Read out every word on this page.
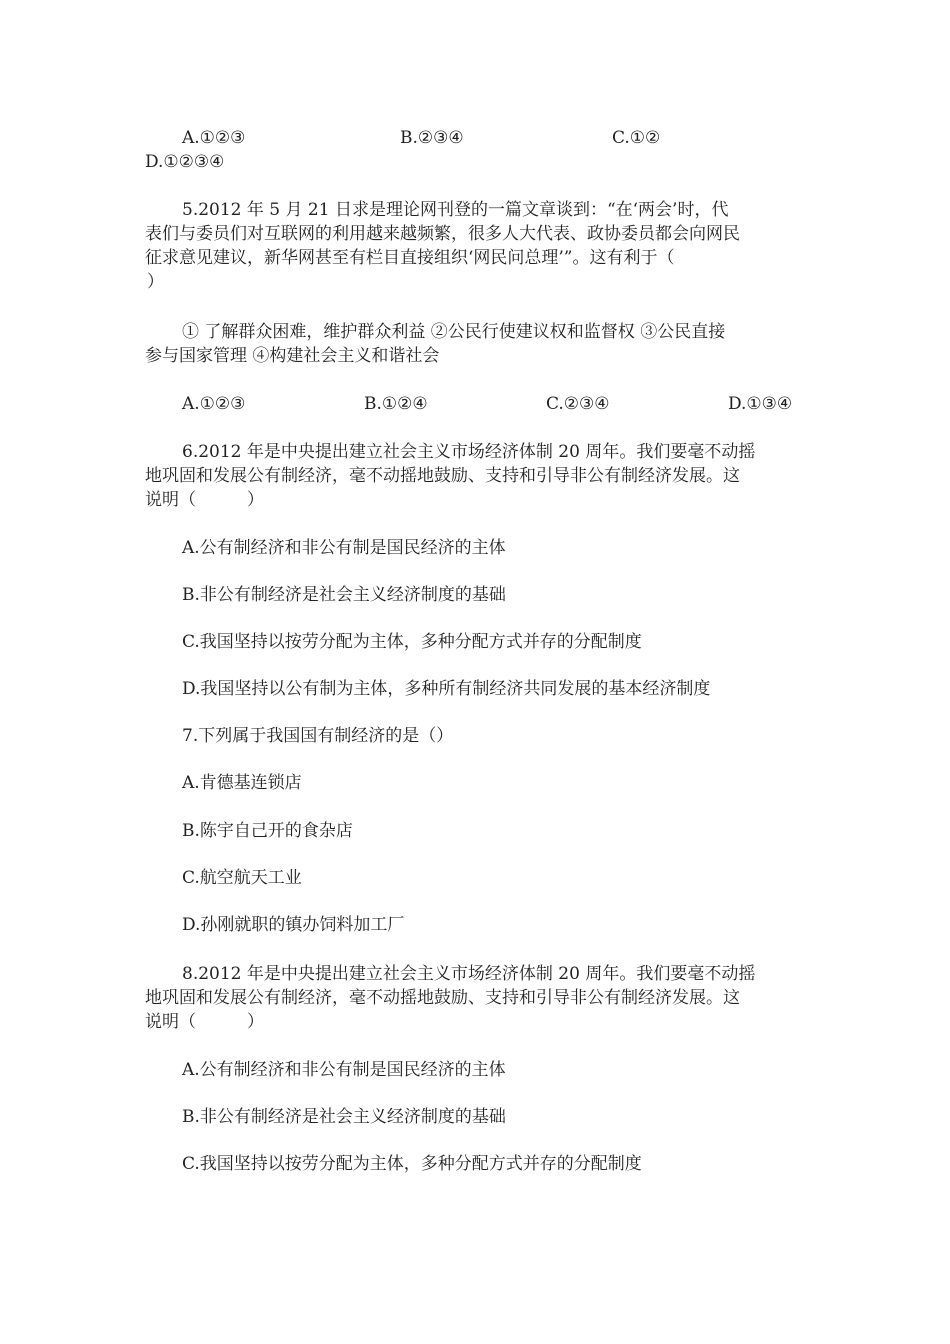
A.①②③	B.②③④	C.①②
D.①②③④
5.2012 年 5 月 21 日求是理论网刊登的一篇文章谈到：“在‘两会’时，代
表们与委员们对互联网的利用越来越频繁，很多人大代表、政协委员都会向网民
征求意见建议，新华网甚至有栏目直接组织‘网民问总理’”。这有利于（
）
① 了解群众困难，维护群众利益 ②公民行使建议权和监督权 ③公民直接
参与国家管理 ④构建社会主义和谐社会
A.①②③	B.①②④	C.②③④	D.①③④
6.2012 年是中央提出建立社会主义市场经济体制 20 周年。我们要毫不动摇
地巩固和发展公有制经济，毫不动摇地鼓励、支持和引导非公有制经济发展。这
说明（　　　）
A.公有制经济和非公有制是国民经济的主体
B.非公有制经济是社会主义经济制度的基础
C.我国坚持以按劳分配为主体，多种分配方式并存的分配制度
D.我国坚持以公有制为主体，多种所有制经济共同发展的基本经济制度
7.下列属于我国国有制经济的是（）
A.肯德基连锁店
B.陈宇自己开的食杂店
C.航空航天工业
D.孙刚就职的镇办饲料加工厂
8.2012 年是中央提出建立社会主义市场经济体制 20 周年。我们要毫不动摇
地巩固和发展公有制经济，毫不动摇地鼓励、支持和引导非公有制经济发展。这
说明（　　　）
A.公有制经济和非公有制是国民经济的主体
B.非公有制经济是社会主义经济制度的基础
C.我国坚持以按劳分配为主体，多种分配方式并存的分配制度
